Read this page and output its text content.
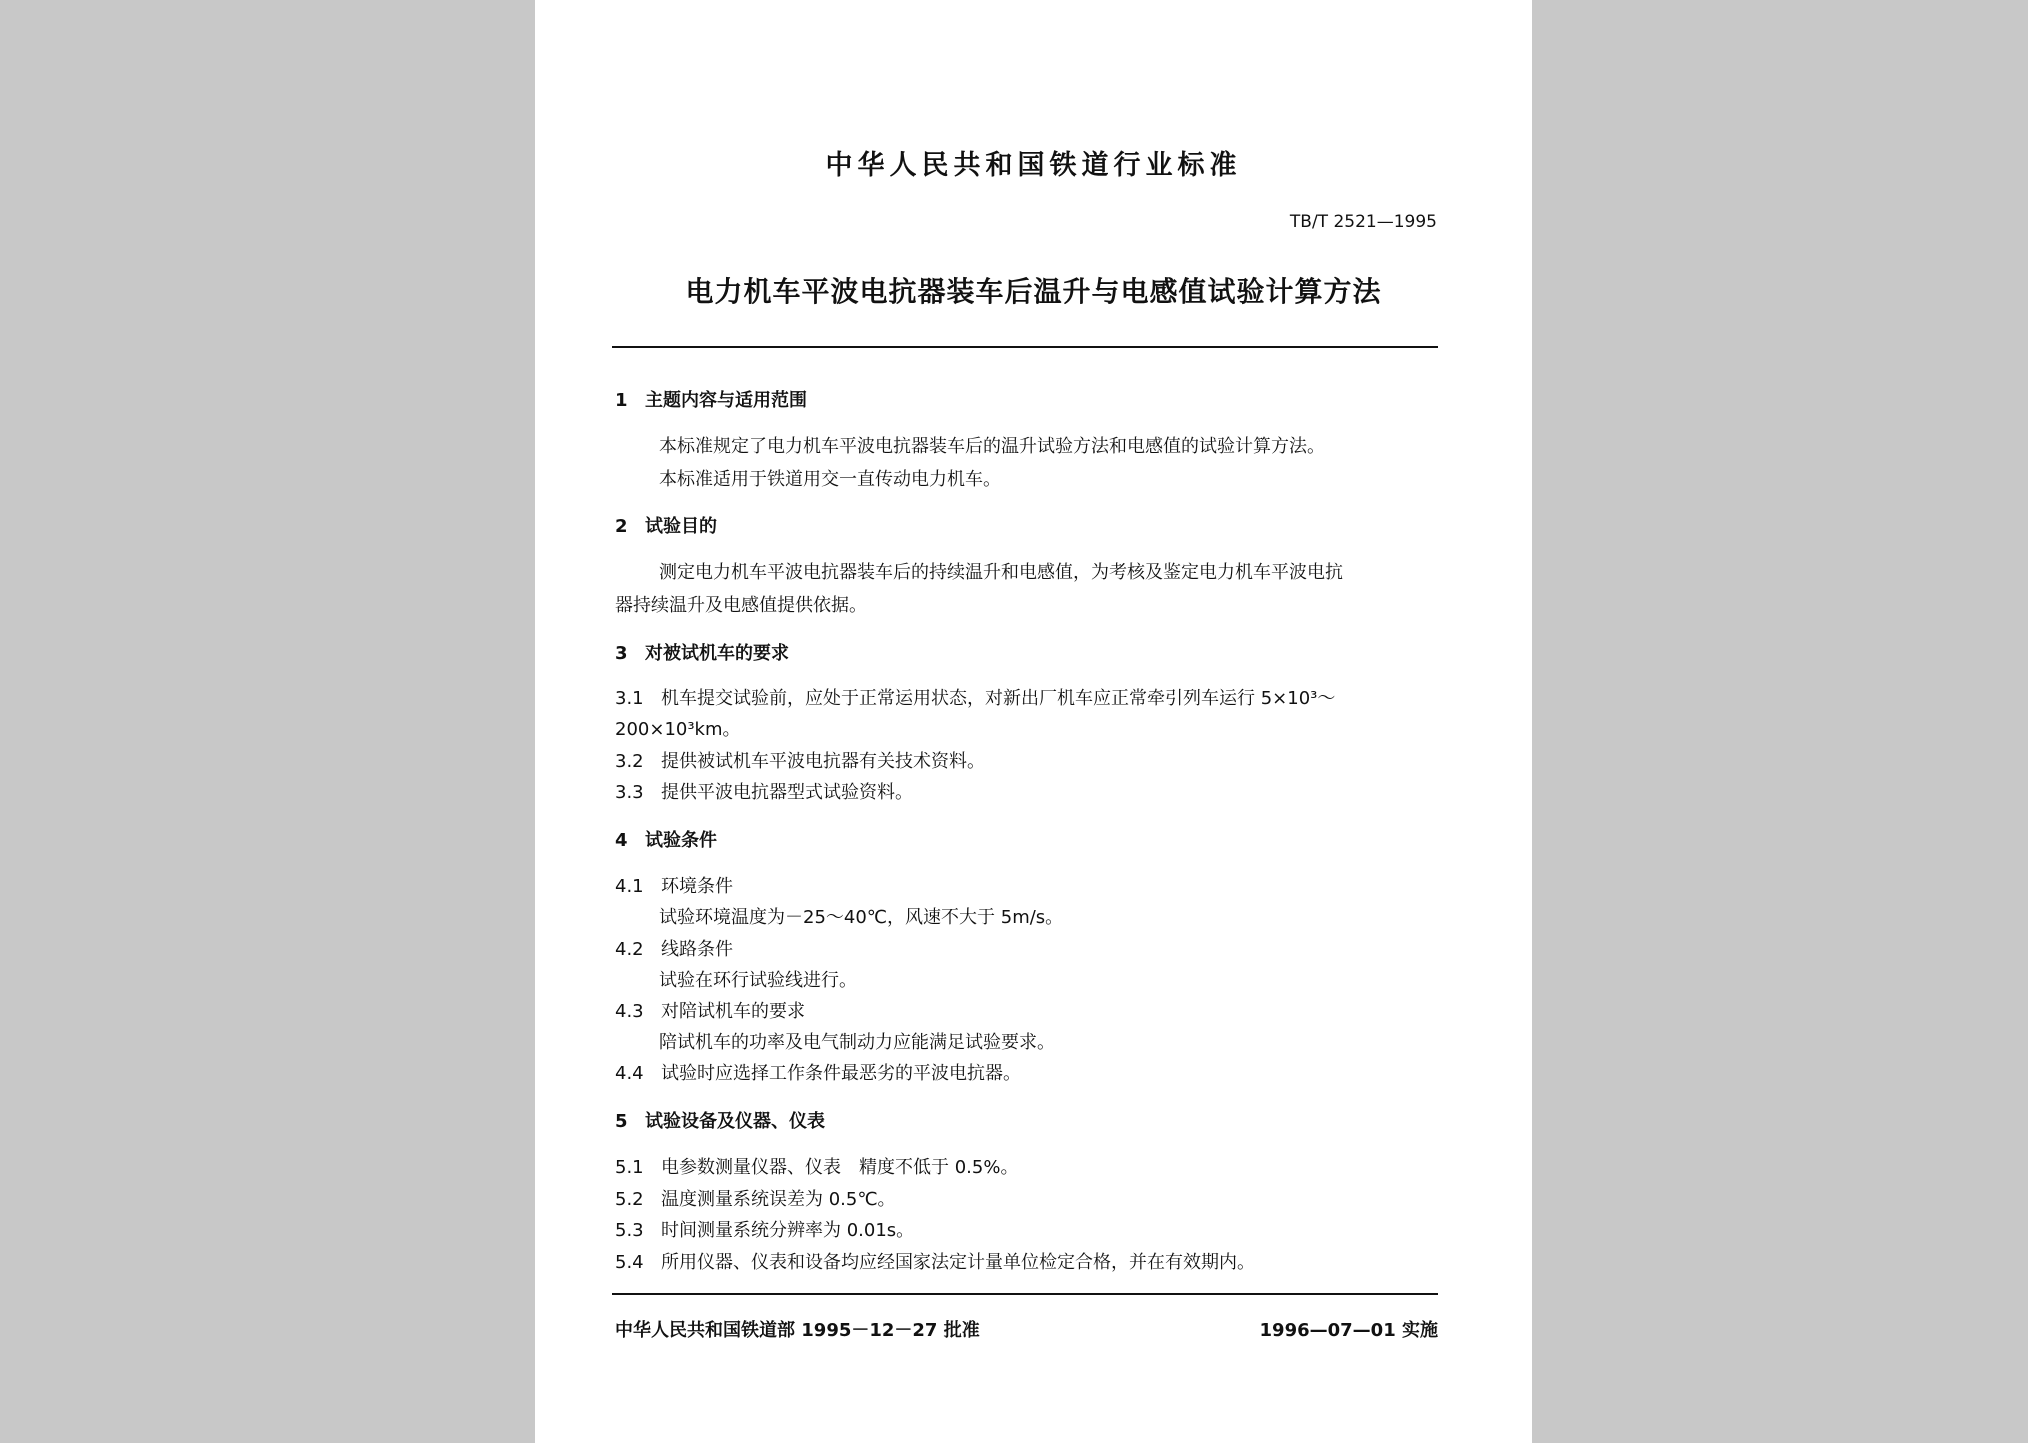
中华人民共和国铁道行业标准
TB/T 2521—1995
电力机车平波电抗器装车后温升与电感值试验计算方法
1 主题内容与适用范围
本标准规定了电力机车平波电抗器装车后的温升试验方法和电感值的试验计算方法。
本标准适用于铁道用交一直传动电力机车。
2 试验目的
测定电力机车平波电抗器装车后的持续温升和电感值，为考核及鉴定电力机车平波电抗
器持续温升及电感值提供依据。
3 对被试机车的要求
3.1 机车提交试验前，应处于正常运用状态，对新出厂机车应正常牵引列车运行 5×10³～
200×10³km。
3.2 提供被试机车平波电抗器有关技术资料。
3.3 提供平波电抗器型式试验资料。
4 试验条件
4.1 环境条件
试验环境温度为－25～40℃，风速不大于 5m/s。
4.2 线路条件
试验在环行试验线进行。
4.3 对陪试机车的要求
陪试机车的功率及电气制动力应能满足试验要求。
4.4 试验时应选择工作条件最恶劣的平波电抗器。
5 试验设备及仪器、仪表
5.1 电参数测量仪器、仪表　精度不低于 0.5%。
5.2 温度测量系统误差为 0.5℃。
5.3 时间测量系统分辨率为 0.01s。
5.4 所用仪器、仪表和设备均应经国家法定计量单位检定合格，并在有效期内。
中华人民共和国铁道部 1995－12－27 批准	1996—07—01 实施
